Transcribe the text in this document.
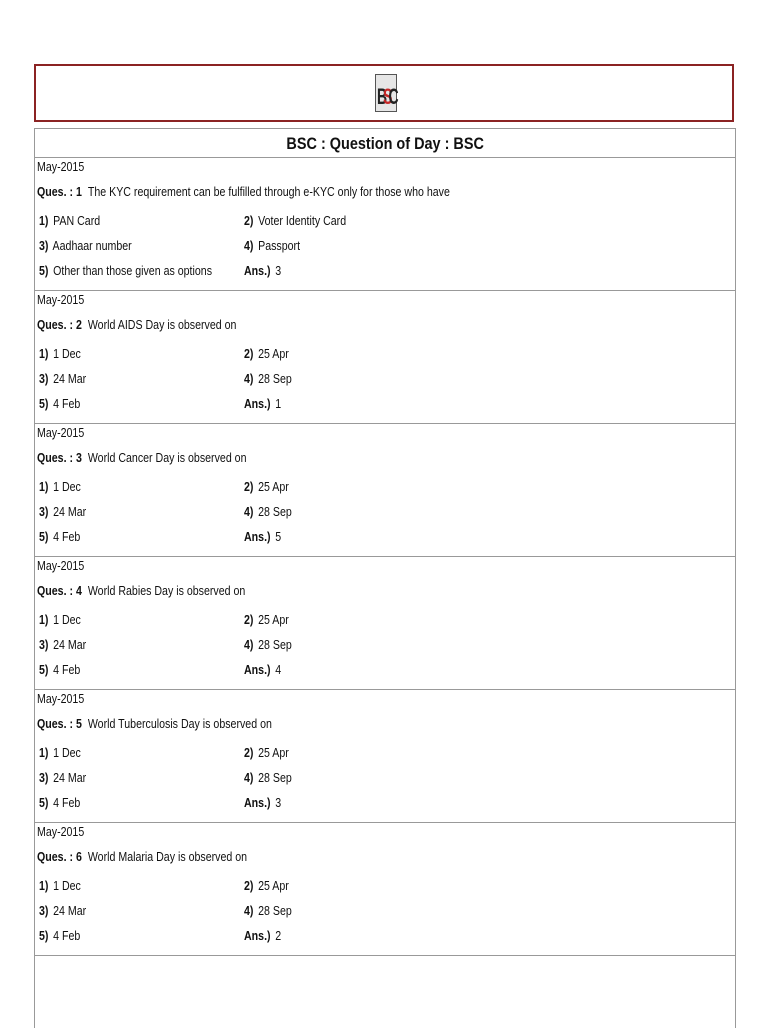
BSC
BSC : Question of Day : BSC
May-2015
Ques. : 1 The KYC requirement can be fulfilled through e-KYC only for those who have
1) PAN Card	2) Voter Identity Card
3) Aadhaar number	4) Passport
5) Other than those given as options	Ans.) 3
May-2015
Ques. : 2 World AIDS Day is observed on
1) 1 Dec	2) 25 Apr
3) 24 Mar	4) 28 Sep
5) 4 Feb	Ans.) 1
May-2015
Ques. : 3 World Cancer Day is observed on
1) 1 Dec	2) 25 Apr
3) 24 Mar	4) 28 Sep
5) 4 Feb	Ans.) 5
May-2015
Ques. : 4 World Rabies Day is observed on
1) 1 Dec	2) 25 Apr
3) 24 Mar	4) 28 Sep
5) 4 Feb	Ans.) 4
May-2015
Ques. : 5 World Tuberculosis Day is observed on
1) 1 Dec	2) 25 Apr
3) 24 Mar	4) 28 Sep
5) 4 Feb	Ans.) 3
May-2015
Ques. : 6 World Malaria Day is observed on
1) 1 Dec	2) 25 Apr
3) 24 Mar	4) 28 Sep
5) 4 Feb	Ans.) 2
